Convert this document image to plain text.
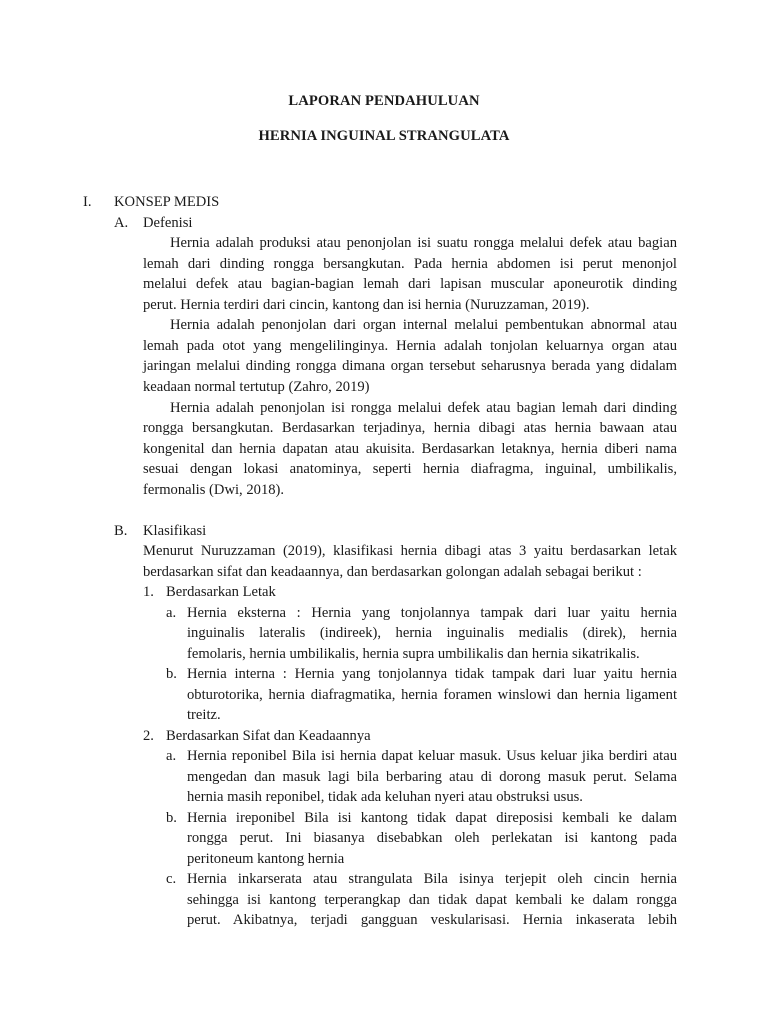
LAPORAN PENDAHULUAN
HERNIA INGUINAL STRANGULATA
I. KONSEP MEDIS
A. Defenisi
Hernia adalah produksi atau penonjolan isi suatu rongga melalui defek atau bagian
lemah dari dinding rongga bersangkutan. Pada hernia abdomen isi perut menonjol
melalui defek atau bagian-bagian lemah dari lapisan muscular aponeurotik dinding
perut. Hernia terdiri dari cincin, kantong dan isi hernia (Nuruzzaman, 2019).
Hernia adalah penonjolan dari organ internal melalui pembentukan abnormal atau
lemah pada otot yang mengelilinginya. Hernia adalah tonjolan keluarnya organ atau
jaringan melalui dinding rongga dimana organ tersebut seharusnya berada yang didalam
keadaan normal tertutup (Zahro, 2019)
Hernia adalah penonjolan isi rongga melalui defek atau bagian lemah dari dinding
rongga bersangkutan. Berdasarkan terjadinya, hernia dibagi atas hernia bawaan atau
kongenital dan hernia dapatan atau akuisita. Berdasarkan letaknya, hernia diberi nama
sesuai dengan lokasi anatominya, seperti hernia diafragma, inguinal, umbilikalis,
fermonalis (Dwi, 2018).
B. Klasifikasi
Menurut Nuruzzaman (2019), klasifikasi hernia dibagi atas 3 yaitu berdasarkan letak
berdasarkan sifat dan keadaannya, dan berdasarkan golongan adalah sebagai berikut :
1. Berdasarkan Letak
a. Hernia eksterna : Hernia yang tonjolannya tampak dari luar yaitu hernia
inguinalis lateralis (indireek), hernia inguinalis medialis (direk), hernia
femolaris, hernia umbilikalis, hernia supra umbilikalis dan hernia sikatrikalis.
b. Hernia interna : Hernia yang tonjolannya tidak tampak dari luar yaitu hernia
obturotorika, hernia diafragmatika, hernia foramen winslowi dan hernia ligament
treitz.
2. Berdasarkan Sifat dan Keadaannya
a. Hernia reponibel Bila isi hernia dapat keluar masuk. Usus keluar jika berdiri atau
mengedan dan masuk lagi bila berbaring atau di dorong masuk perut. Selama
hernia masih reponibel, tidak ada keluhan nyeri atau obstruksi usus.
b. Hernia ireponibel Bila isi kantong tidak dapat direposisi kembali ke dalam
rongga perut. Ini biasanya disebabkan oleh perlekatan isi kantong pada
peritoneum kantong hernia
c. Hernia inkarserata atau strangulata Bila isinya terjepit oleh cincin hernia
sehingga isi kantong terperangkap dan tidak dapat kembali ke dalam rongga
perut. Akibatnya, terjadi gangguan veskularisasi. Hernia inkaserata lebih
